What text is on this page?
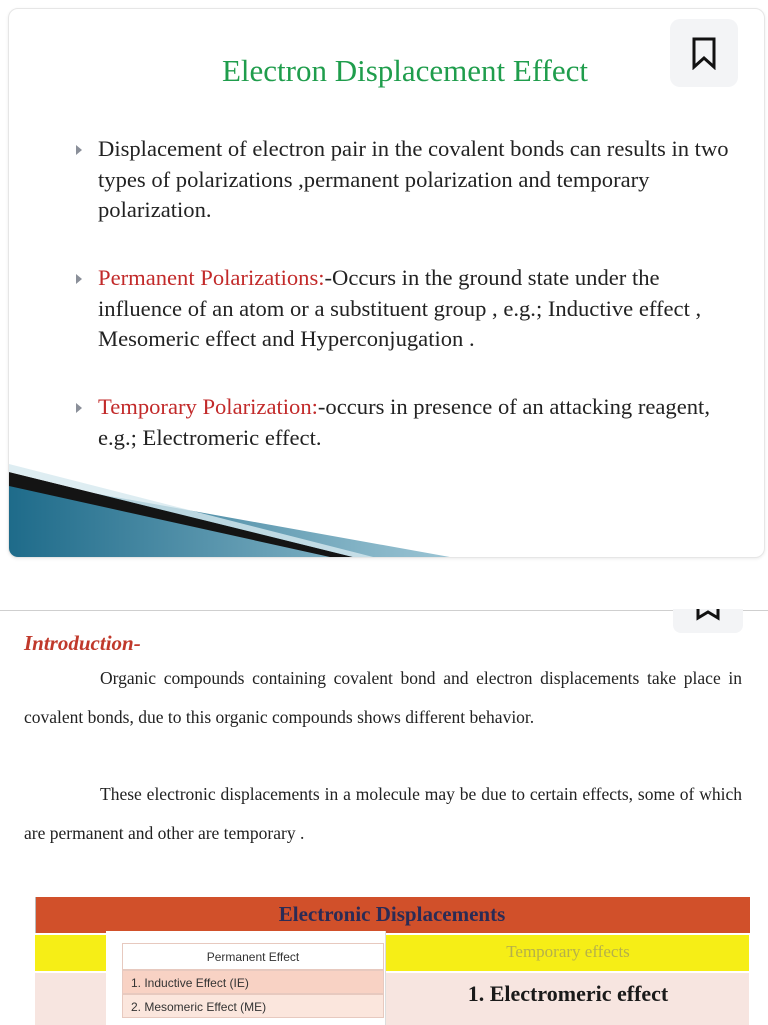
Electron Displacement Effect
Displacement of electron pair in the covalent bonds can results in two types of polarizations ,permanent polarization and temporary polarization.
Permanent Polarizations:-Occurs in the ground state under the influence of an atom or a substituent group , e.g.; Inductive effect , Mesomeric effect and Hyperconjugation .
Temporary Polarization:-occurs in presence of an attacking reagent, e.g.; Electromeric effect.
Introduction-
Organic compounds containing covalent bond and electron displacements take place in covalent bonds, due to this organic compounds shows different behavior.
These electronic displacements in a molecule may be due to certain effects, some of which are permanent and other are temporary .
Electronic Displacements
Temporary effects
1. Electromeric effect
Permanent Effect
1. Inductive Effect (IE)
2. Mesomeric Effect (ME)
